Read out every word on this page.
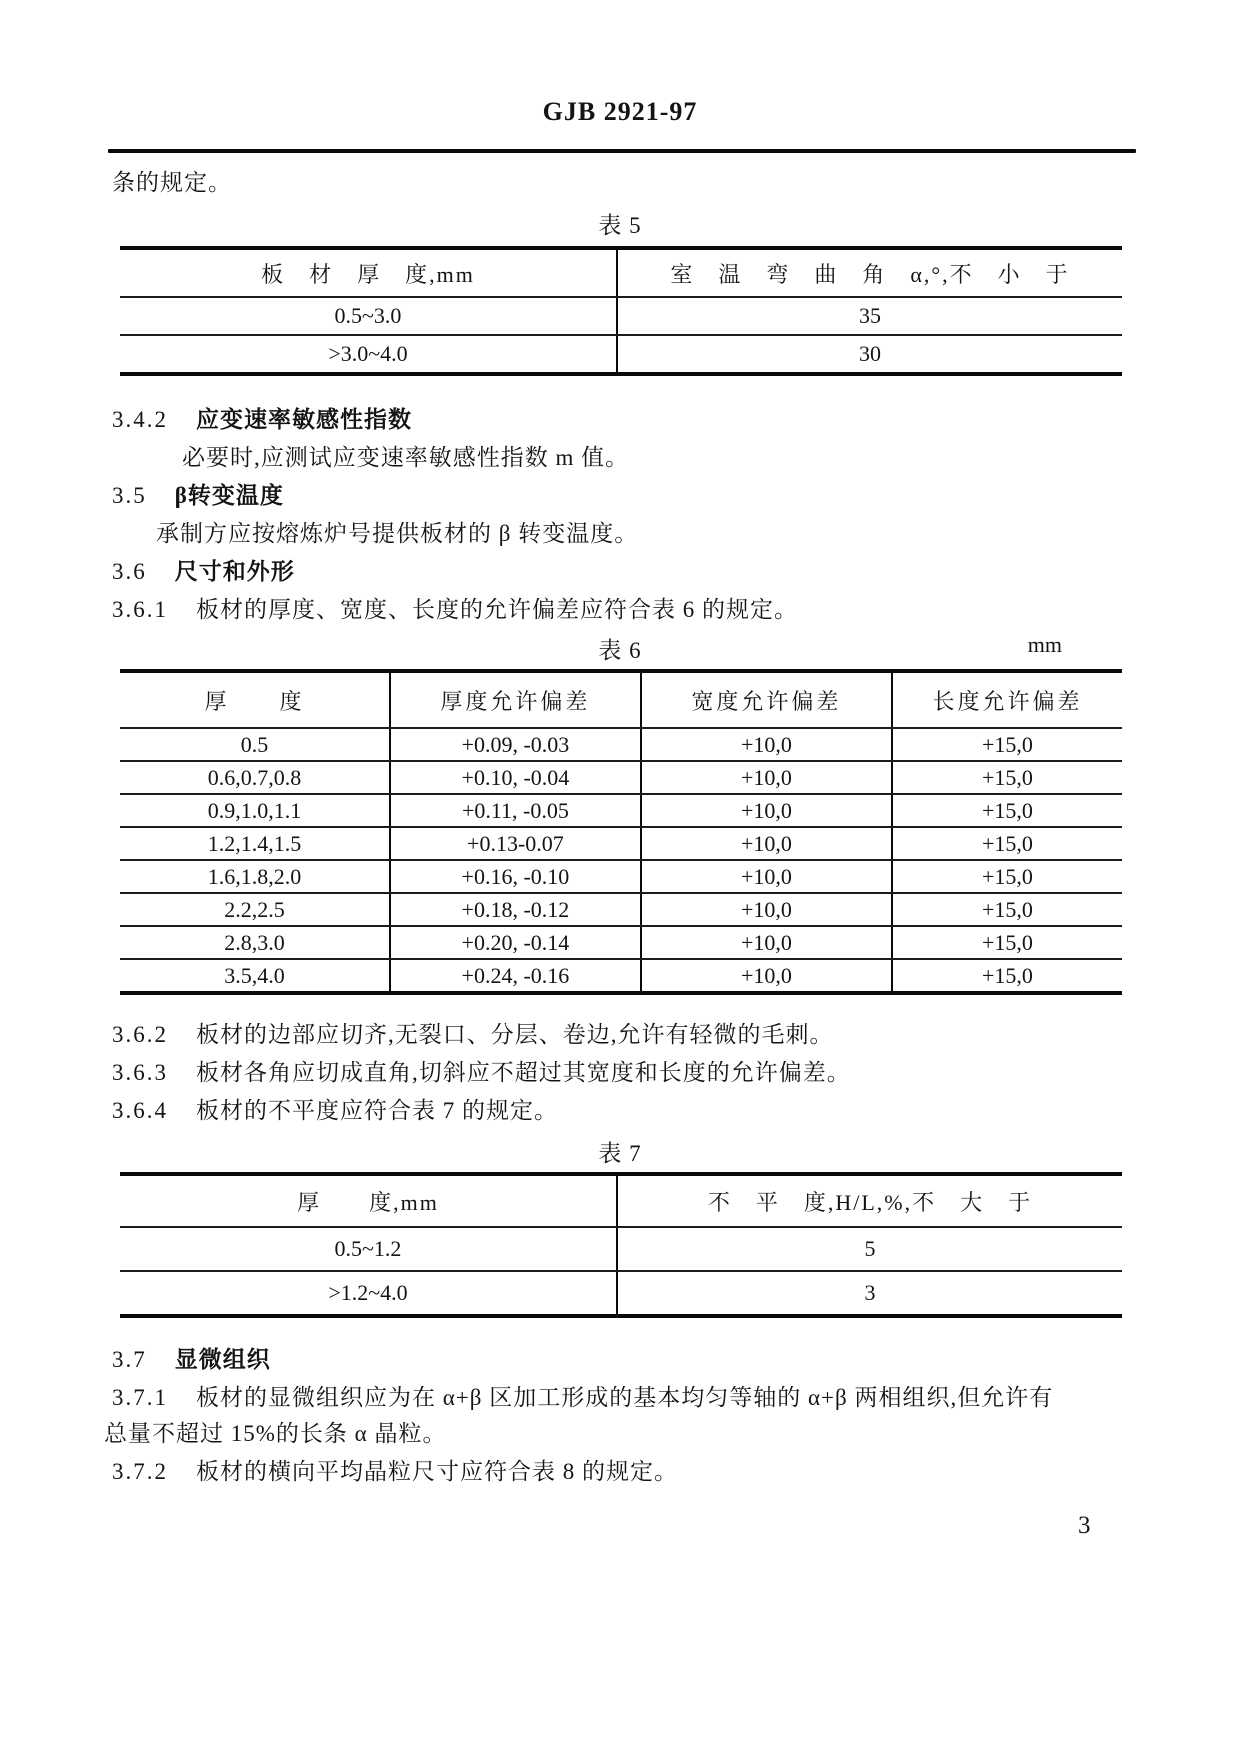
GJB 2921-97
条的规定。
表 5
板　材　厚　度,mm	室　温　弯　曲　角　α,°,不　小　于
0.5~3.0	35
>3.0~4.0	30
3.4.2 应变速率敏感性指数
必要时,应测试应变速率敏感性指数 m 值。
3.5 β转变温度
承制方应按熔炼炉号提供板材的 β 转变温度。
3.6 尺寸和外形
3.6.1 板材的厚度、宽度、长度的允许偏差应符合表 6 的规定。
表 6	mm
厚　　度	厚度允许偏差	宽度允许偏差	长度允许偏差
0.5	+0.09, -0.03	+10,0	+15,0
0.6,0.7,0.8	+0.10, -0.04	+10,0	+15,0
0.9,1.0,1.1	+0.11, -0.05	+10,0	+15,0
1.2,1.4,1.5	+0.13-0.07	+10,0	+15,0
1.6,1.8,2.0	+0.16, -0.10	+10,0	+15,0
2.2,2.5	+0.18, -0.12	+10,0	+15,0
2.8,3.0	+0.20, -0.14	+10,0	+15,0
3.5,4.0	+0.24, -0.16	+10,0	+15,0
3.6.2 板材的边部应切齐,无裂口、分层、卷边,允许有轻微的毛刺。
3.6.3 板材各角应切成直角,切斜应不超过其宽度和长度的允许偏差。
3.6.4 板材的不平度应符合表 7 的规定。
表 7
厚　　度,mm	不　平　度,H/L,%,不　大　于
0.5~1.2	5
>1.2~4.0	3
3.7 显微组织
3.7.1 板材的显微组织应为在 α+β 区加工形成的基本均匀等轴的 α+β 两相组织,但允许有
总量不超过 15%的长条 α 晶粒。
3.7.2 板材的横向平均晶粒尺寸应符合表 8 的规定。
3
